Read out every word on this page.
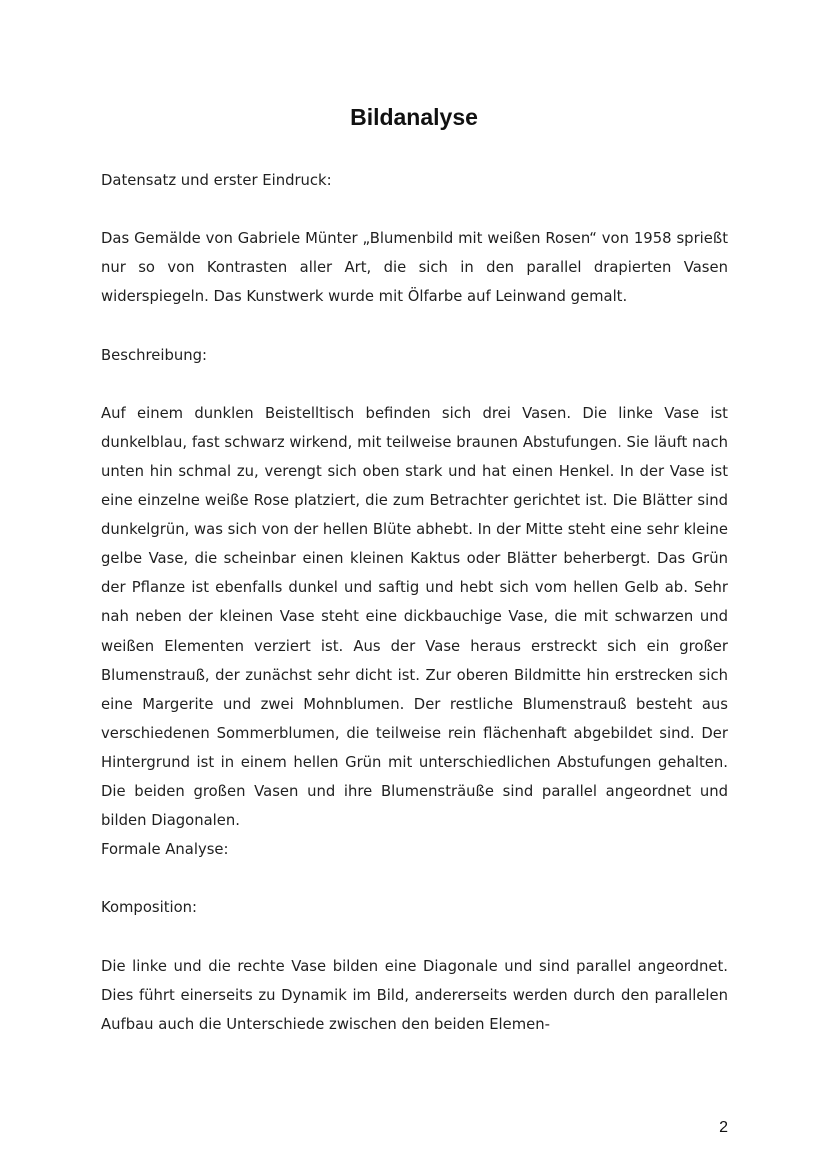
Bildanalyse

Datensatz und erster Eindruck:

Das Gemälde von Gabriele Münter „Blumenbild mit weißen Rosen“ von 1958 sprießt nur so von Kontrasten aller Art, die sich in den parallel drapierten Vasen widerspiegeln. Das Kunstwerk wurde mit Ölfarbe auf Leinwand gemalt.

Beschreibung:

Auf einem dunklen Beistelltisch befinden sich drei Vasen. Die linke Vase ist dunkelblau, fast schwarz wirkend, mit teilweise braunen Abstufungen. Sie läuft nach unten hin schmal zu, verengt sich oben stark und hat einen Henkel. In der Vase ist eine einzelne weiße Rose platziert, die zum Betrachter gerichtet ist. Die Blätter sind dunkelgrün, was sich von der hellen Blüte abhebt. In der Mitte steht eine sehr kleine gelbe Vase, die scheinbar einen kleinen Kaktus oder Blätter beherbergt. Das Grün der Pflanze ist ebenfalls dunkel und saftig und hebt sich vom hellen Gelb ab. Sehr nah neben der kleinen Vase steht eine dickbauchige Vase, die mit schwarzen und weißen Elementen verziert ist. Aus der Vase heraus erstreckt sich ein großer Blumenstrauß, der zunächst sehr dicht ist. Zur oberen Bildmitte hin erstrecken sich eine Margerite und zwei Mohnblumen. Der restliche Blumenstrauß besteht aus verschiedenen Sommerblumen, die teilweise rein flächenhaft abgebildet sind. Der Hintergrund ist in einem hellen Grün mit unterschiedlichen Abstufungen gehalten. Die beiden großen Vasen und ihre Blumensträuße sind parallel angeordnet und bilden Diagonalen.

Formale Analyse:

Komposition:

Die linke und die rechte Vase bilden eine Diagonale und sind parallel angeordnet. Dies führt einerseits zu Dynamik im Bild, andererseits werden durch den parallelen Aufbau auch die Unterschiede zwischen den beiden Elemen-

2
